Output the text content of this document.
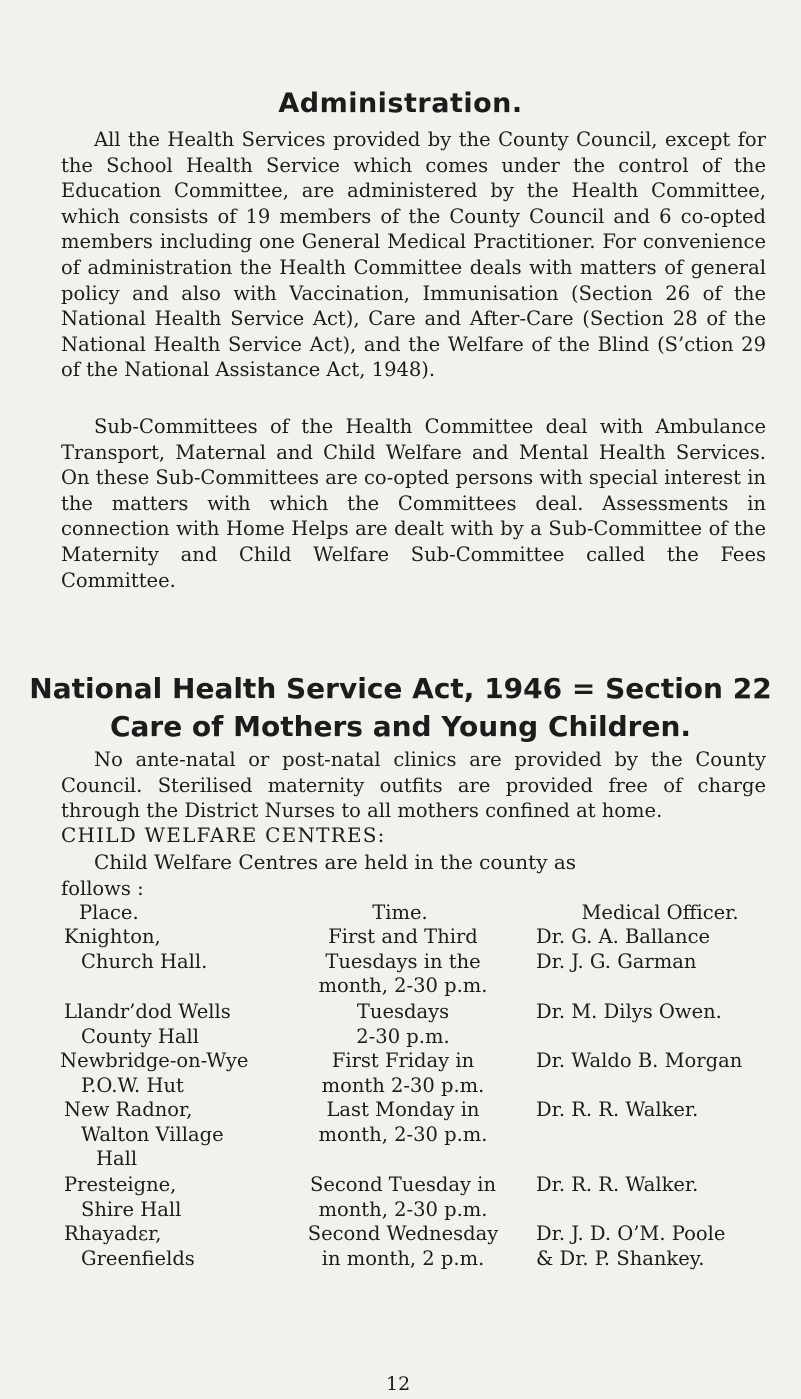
Administration.

All the Health Services provided by the County Council, except for the School Health Service which comes under the control of the Education Committee, are administered by the Health Committee, which consists of 19 members of the County Council and 6 co-opted members including one General Medical Practitioner. For convenience of administration the Health Committee deals with matters of general policy and also with Vaccination, Immunisation (Section 26 of the National Health Service Act), Care and After-Care (Section 28 of the National Health Service Act), and the Welfare of the Blind (S’ction 29 of the National Assistance Act, 1948).

Sub-Committees of the Health Committee deal with Ambulance Transport, Maternal and Child Welfare and Mental Health Services. On these Sub-Committees are co-opted persons with special interest in the matters with which the Committees deal. Assessments in connection with Home Helps are dealt with by a Sub-Committee of the Maternity and Child Welfare Sub-Committee called the Fees Committee.

National Health Service Act, 1946 = Section 22
Care of Mothers and Young Children.

No ante-natal or post-natal clinics are provided by the County Council. Sterilised maternity outfits are provided free of charge through the District Nurses to all mothers confined at home.

CHILD WELFARE CENTRES:

Child Welfare Centres are held in the county as

follows :
Place.	Time.	Medical Officer.
Knighton,
Church Hall.
First and Third
Tuesdays in the
month, 2-30 p.m.
Dr. G. A. Ballance
Dr. J. G. Garman
Llandr’dod Wells
County Hall
Tuesdays
2-30 p.m.
Dr. M. Dilys Owen.
Newbridge-on-Wye
P.O.W. Hut
First Friday in
month 2-30 p.m.
Dr. Waldo B. Morgan
New Radnor,
Walton Village
Hall
Last Monday in
month, 2-30 p.m.
Dr. R. R. Walker.
Presteigne,
Shire Hall
Second Tuesday in
month, 2-30 p.m.
Dr. R. R. Walker.
Rhayadεr,
Greenfields
Second Wednesday
in month, 2 p.m.
Dr. J. D. O’M. Poole
& Dr. P. Shankey.
12
